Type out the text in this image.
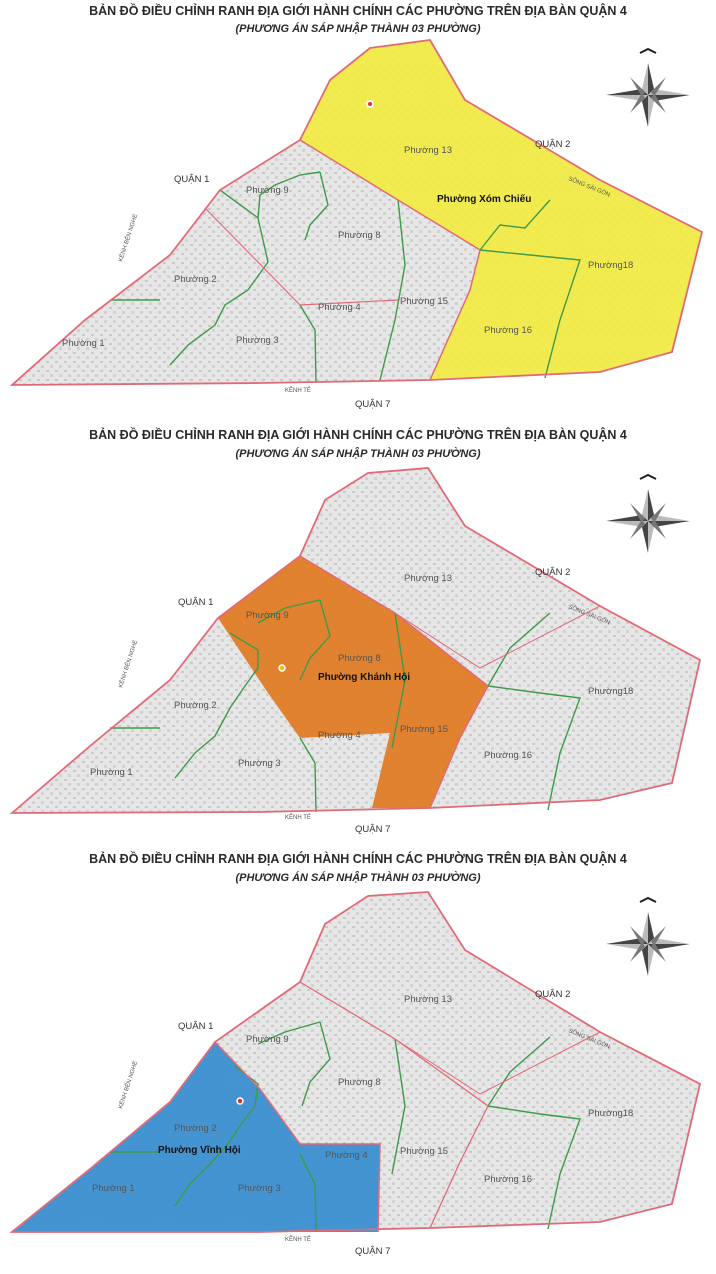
BẢN ĐỒ ĐIỀU CHỈNH RANH ĐỊA GIỚI HÀNH CHÍNH CÁC PHƯỜNG TRÊN ĐỊA BÀN QUẬN 4
(PHƯƠNG ÁN SÁP NHẬP THÀNH 03 PHƯỜNG)
QUẬN 1
QUẬN 2
QUẬN 7
KÊNH TẺ
KÊNH BẾN NGHÉ
SÔNG SÀI GÒN
Phường 1
Phường 2
Phường 3
Phường 4
Phường 8
Phường 9
Phường 13
Phường 15
Phường 16
Phường18
Phường Xóm Chiếu
BẢN ĐỒ ĐIỀU CHỈNH RANH ĐỊA GIỚI HÀNH CHÍNH CÁC PHƯỜNG TRÊN ĐỊA BÀN QUẬN 4
(PHƯƠNG ÁN SÁP NHẬP THÀNH 03 PHƯỜNG)
QUẬN 1
QUẬN 2
QUẬN 7
KÊNH TẺ
KÊNH BẾN NGHÉ
SÔNG SÀI GÒN
Phường 1
Phường 2
Phường 3
Phường 4
Phường 8
Phường 9
Phường 13
Phường 15
Phường 16
Phường18
Phường Khánh Hội
BẢN ĐỒ ĐIỀU CHỈNH RANH ĐỊA GIỚI HÀNH CHÍNH CÁC PHƯỜNG TRÊN ĐỊA BÀN QUẬN 4
(PHƯƠNG ÁN SÁP NHẬP THÀNH 03 PHƯỜNG)
QUẬN 1
QUẬN 2
QUẬN 7
KÊNH TẺ
KÊNH BẾN NGHÉ
SÔNG SÀI GÒN
Phường 1
Phường 2
Phường 3
Phường 4
Phường 8
Phường 9
Phường 13
Phường 15
Phường 16
Phường18
Phường Vĩnh Hội
